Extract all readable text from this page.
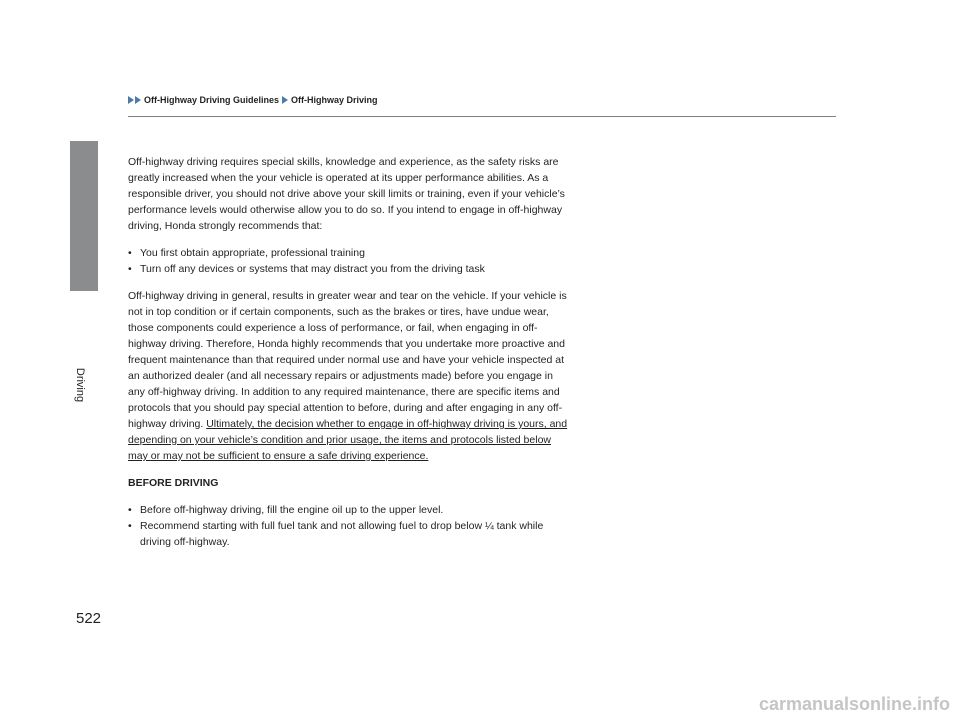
Driving
Off-Highway Driving Guidelines Off-Highway Driving

Off-highway driving requires special skills, knowledge and experience, as the safety risks are greatly increased when the your vehicle is operated at its upper performance abilities. As a responsible driver, you should not drive above your skill limits or training, even if your vehicle’s performance levels would otherwise allow you to do so. If you intend to engage in off-highway driving, Honda strongly recommends that:

• You first obtain appropriate, professional training
• Turn off any devices or systems that may distract you from the driving task

Off-highway driving in general, results in greater wear and tear on the vehicle. If your vehicle is not in top condition or if certain components, such as the brakes or tires, have undue wear, those components could experience a loss of performance, or fail, when engaging in off-highway driving. Therefore, Honda highly recommends that you undertake more proactive and frequent maintenance than that required under normal use and have your vehicle inspected at an authorized dealer (and all necessary repairs or adjustments made) before you engage in any off-highway driving. In addition to any required maintenance, there are specific items and protocols that you should pay special attention to before, during and after engaging in any off-highway driving. Ultimately, the decision whether to engage in off-highway driving is yours, and depending on your vehicle’s condition and prior usage, the items and protocols listed below may or may not be sufficient to ensure a safe driving experience.

BEFORE DRIVING

• Before off-highway driving, fill the engine oil up to the upper level.
• Recommend starting with full fuel tank and not allowing fuel to drop below ¼ tank while driving off-highway.
522
carmanualsonline.info
